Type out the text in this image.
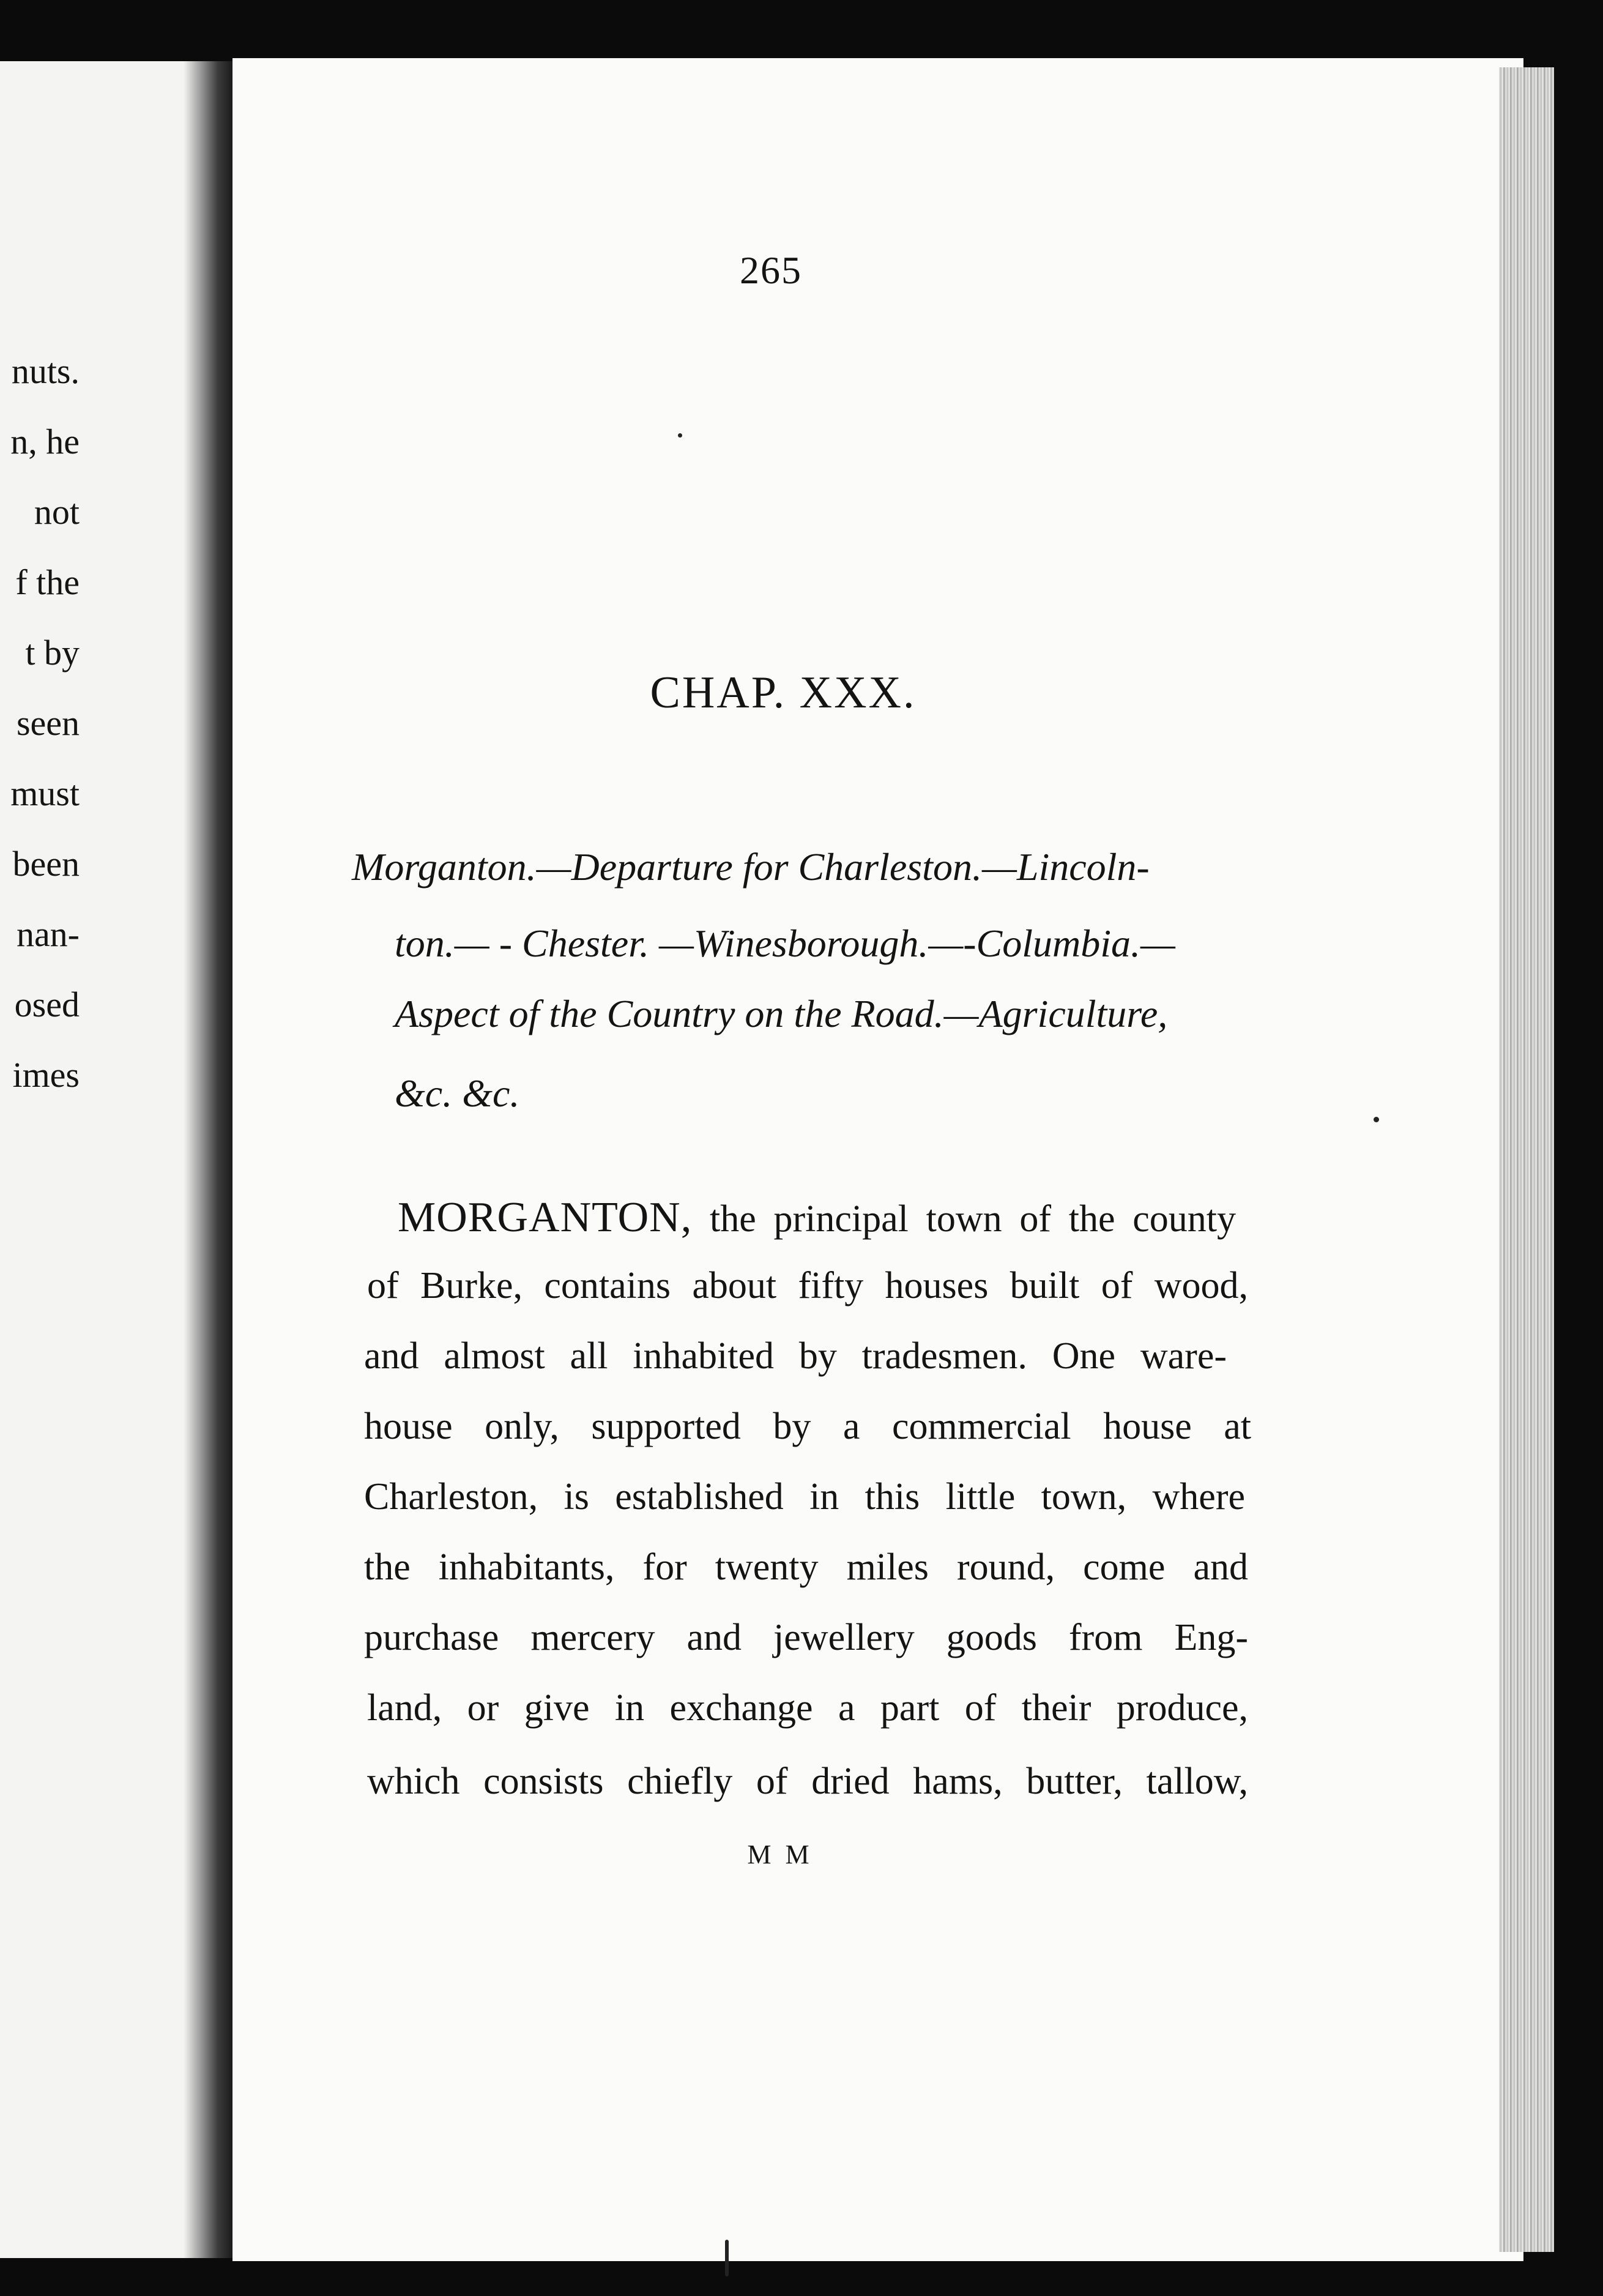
nuts.
n, he
not
f the
t by
seen
must
been
nan-
osed
imes
265
CHAP. XXX.
Morganton.—Departure for Charleston.—Lincoln-
ton.— - Chester. —Winesborough.—-Columbia.—
Aspect of the Country on the Road.—Agriculture,
&c. &c.
MORGANTON, the principal town of the county
of Burke, contains about fifty houses built of wood,
and almost all inhabited by tradesmen. One ware-
house only, supported by a commercial house at
Charleston, is established in this little town, where
the inhabitants, for twenty miles round, come and
purchase mercery and jewellery goods from Eng-
land, or give in exchange a part of their produce,
which consists chiefly of dried hams, butter, tallow,
M M
